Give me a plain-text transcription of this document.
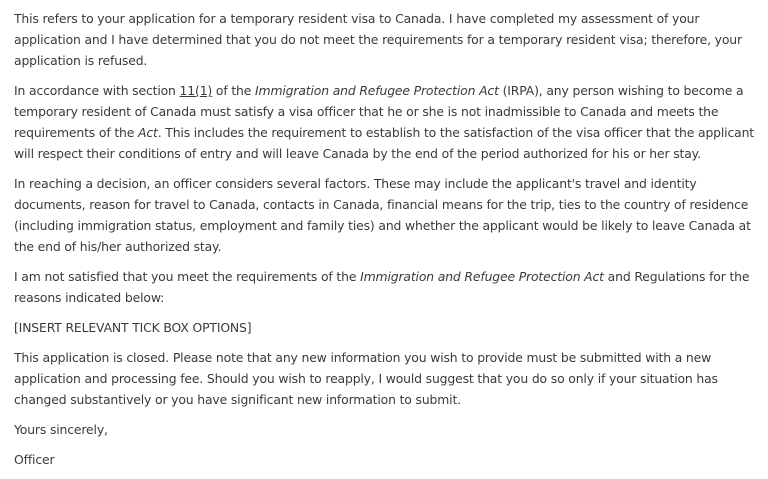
This refers to your application for a temporary resident visa to Canada. I have completed my assessment of your
application and I have determined that you do not meet the requirements for a temporary resident visa; therefore, your
application is refused.

In accordance with section 11(1) of the Immigration and Refugee Protection Act (IRPA), any person wishing to become a
temporary resident of Canada must satisfy a visa officer that he or she is not inadmissible to Canada and meets the
requirements of the Act. This includes the requirement to establish to the satisfaction of the visa officer that the applicant
will respect their conditions of entry and will leave Canada by the end of the period authorized for his or her stay.

In reaching a decision, an officer considers several factors. These may include the applicant's travel and identity
documents, reason for travel to Canada, contacts in Canada, financial means for the trip, ties to the country of residence
(including immigration status, employment and family ties) and whether the applicant would be likely to leave Canada at
the end of his/her authorized stay.

I am not satisfied that you meet the requirements of the Immigration and Refugee Protection Act and Regulations for the
reasons indicated below:

[INSERT RELEVANT TICK BOX OPTIONS]

This application is closed. Please note that any new information you wish to provide must be submitted with a new
application and processing fee. Should you wish to reapply, I would suggest that you do so only if your situation has
changed substantively or you have significant new information to submit.

Yours sincerely,

Officer
